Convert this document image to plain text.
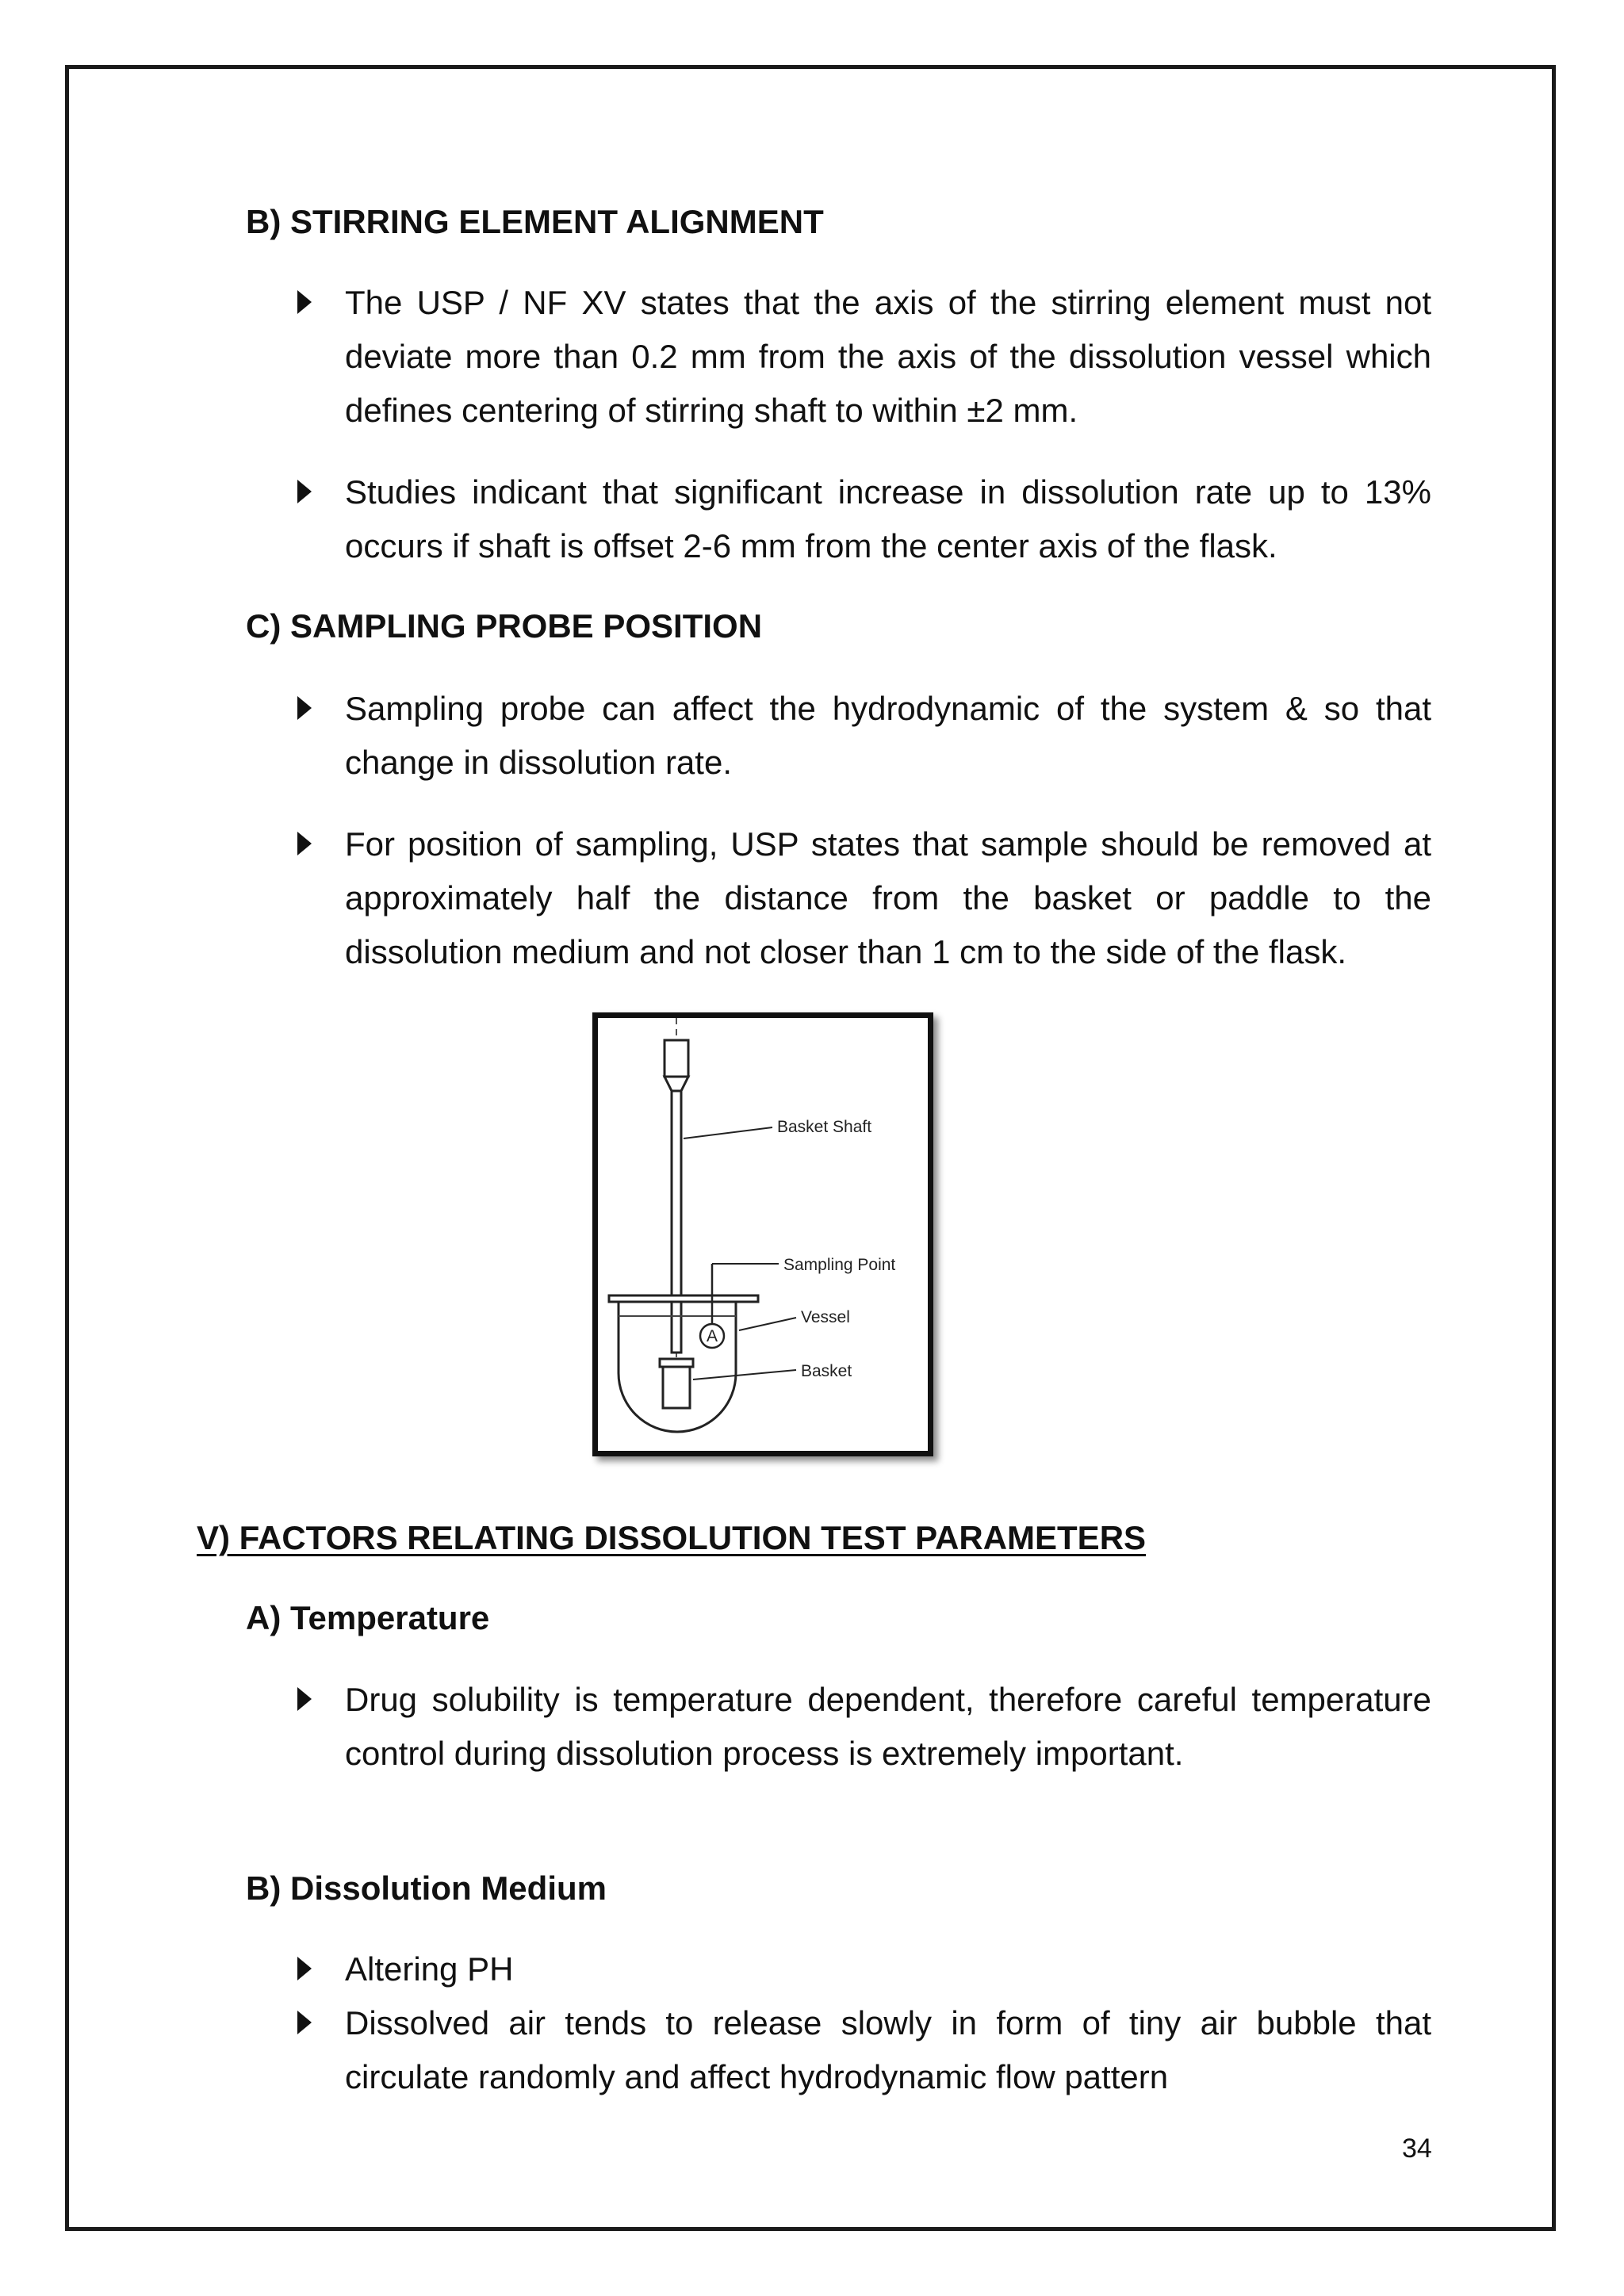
B) STIRRING ELEMENT ALIGNMENT

The USP / NF XV states that the axis of the stirring element must not deviate more than 0.2 mm from the axis of the dissolution vessel which defines centering of stirring shaft to within ±2 mm.

Studies indicant that significant increase in dissolution rate up to 13% occurs if shaft is offset 2-6 mm from the center axis of the flask.

C) SAMPLING PROBE POSITION

Sampling probe can affect the hydrodynamic of the system & so that change in dissolution rate.

For position of sampling, USP states that sample should be removed at approximately half the distance from the basket or paddle to the dissolution medium and not closer than 1 cm to the side of the flask.

A
Basket Shaft
Sampling Point
Vessel
Basket
V) FACTORS RELATING DISSOLUTION TEST PARAMETERS
A) Temperature

Drug solubility is temperature dependent, therefore careful temperature control during dissolution process is extremely important.

B) Dissolution Medium

Altering PH

Dissolved air tends to release slowly in form of tiny air bubble that circulate randomly and affect hydrodynamic flow pattern

34
